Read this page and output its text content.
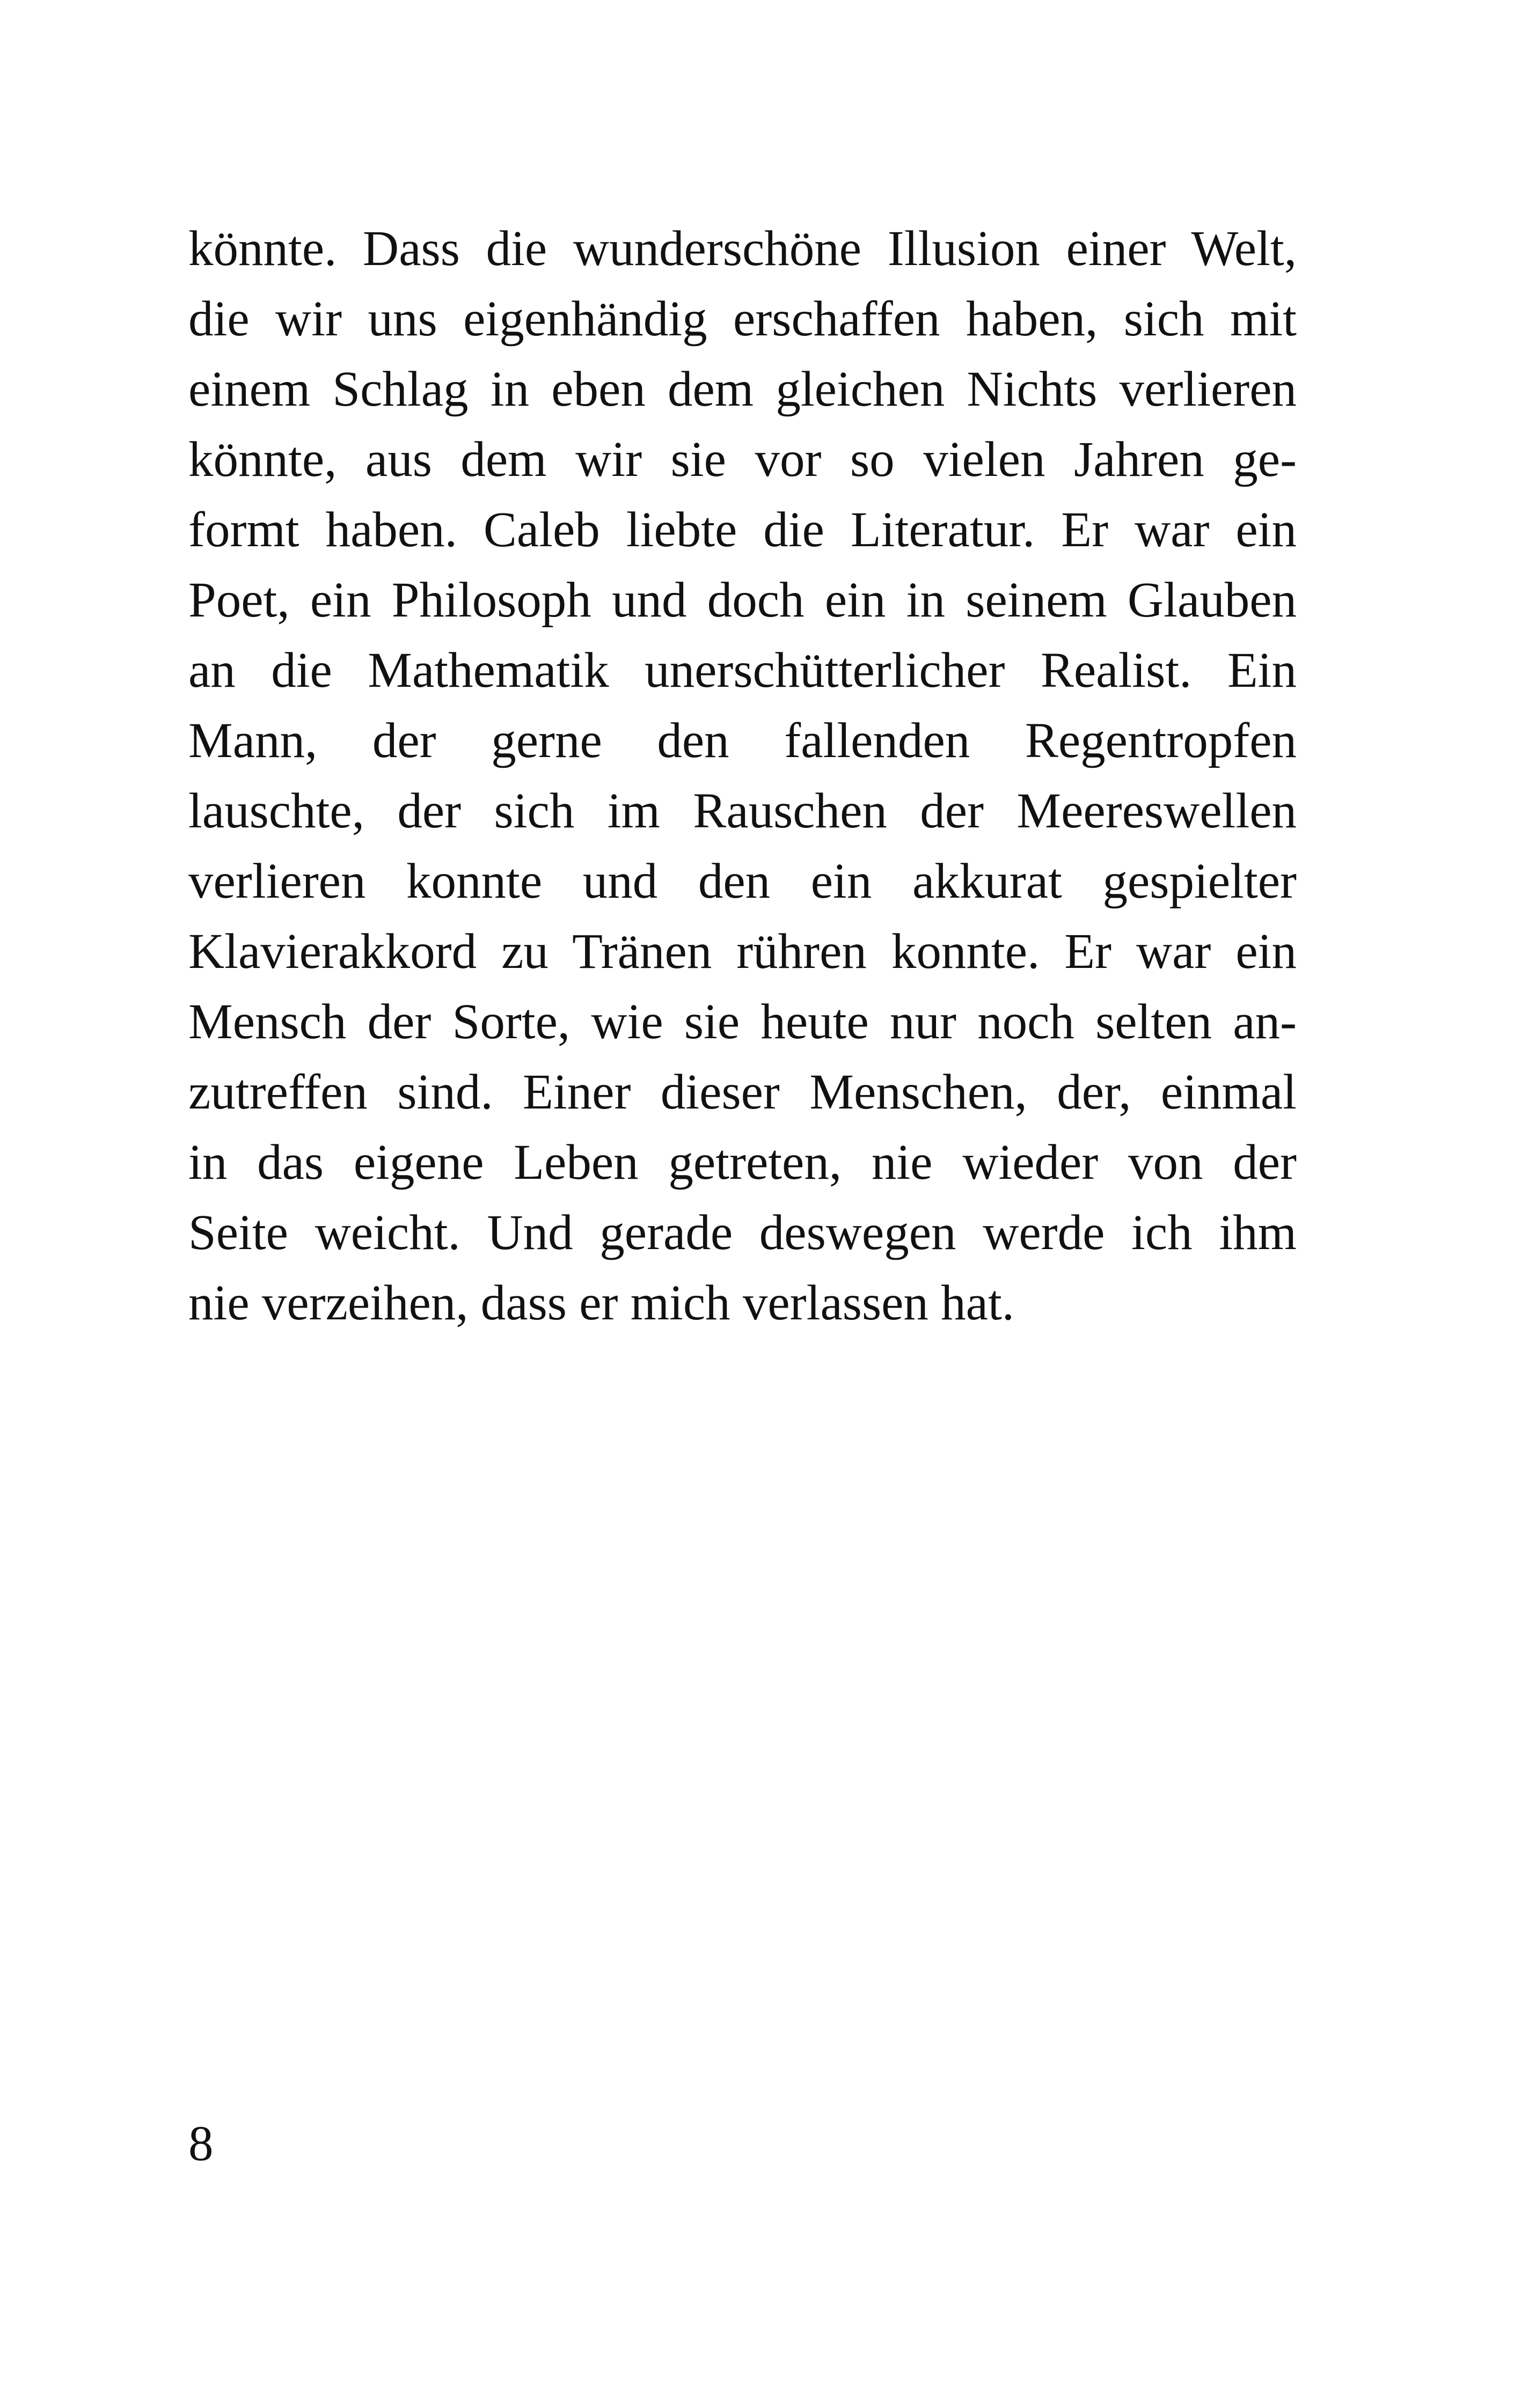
könnte. Dass die wunderschöne Illusion einer Welt,
die wir uns eigenhändig erschaffen haben, sich mit
einem Schlag in eben dem gleichen Nichts verlieren
könnte, aus dem wir sie vor so vielen Jahren ge-
formt haben. Caleb liebte die Literatur. Er war ein
Poet, ein Philosoph und doch ein in seinem Glauben
an die Mathematik unerschütterlicher Realist. Ein
Mann, der gerne den fallenden Regentropfen
lauschte, der sich im Rauschen der Meereswellen
verlieren konnte und den ein akkurat gespielter
Klavierakkord zu Tränen rühren konnte. Er war ein
Mensch der Sorte, wie sie heute nur noch selten an-
zutreffen sind. Einer dieser Menschen, der, einmal
in das eigene Leben getreten, nie wieder von der
Seite weicht. Und gerade deswegen werde ich ihm
nie verzeihen, dass er mich verlassen hat.
8
